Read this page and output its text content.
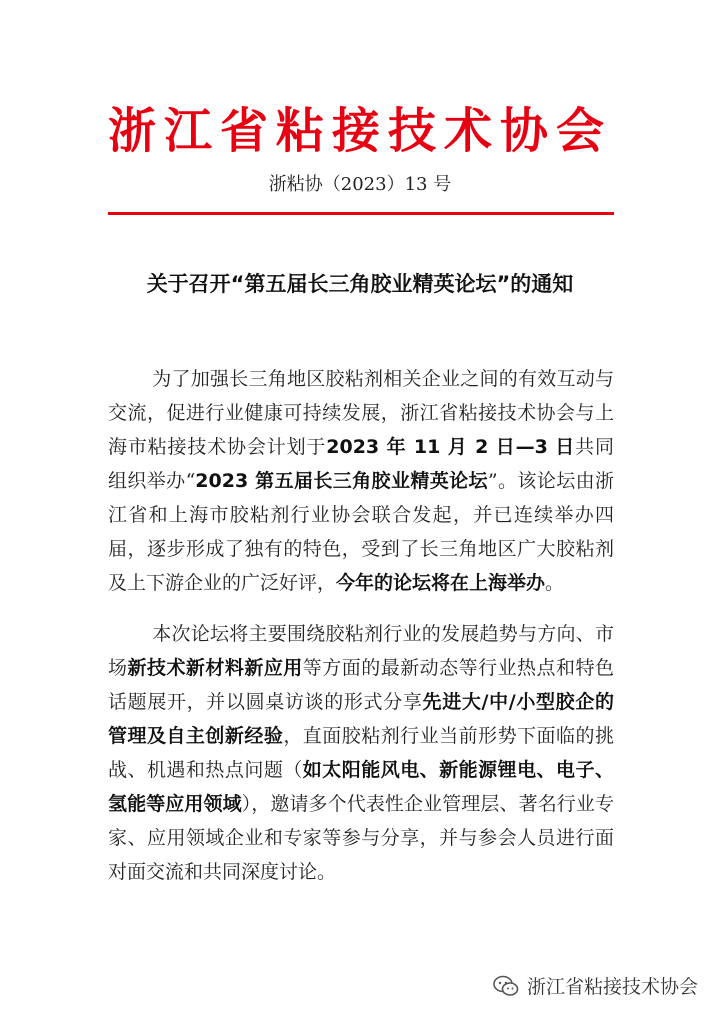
浙江省粘接技术协会
浙粘协（2023）13 号
关于召开“第五届长三角胶业精英论坛”的通知
为了加强长三角地区胶粘剂相关企业之间的有效互动与交流，促进行业健康可持续发展，浙江省粘接技术协会与上海市粘接技术协会计划于2023 年 11 月 2 日—3 日共同组织举办“2023 第五届长三角胶业精英论坛”。该论坛由浙江省和上海市胶粘剂行业协会联合发起，并已连续举办四届，逐步形成了独有的特色，受到了长三角地区广大胶粘剂及上下游企业的广泛好评，今年的论坛将在上海举办。
本次论坛将主要围绕胶粘剂行业的发展趋势与方向、市场新技术新材料新应用等方面的最新动态等行业热点和特色话题展开，并以圆桌访谈的形式分享先进大/中/小型胶企的管理及自主创新经验，直面胶粘剂行业当前形势下面临的挑战、机遇和热点问题（如太阳能风电、新能源锂电、电子、氢能等应用领域），邀请多个代表性企业管理层、著名行业专家、应用领域企业和专家等参与分享，并与参会人员进行面对面交流和共同深度讨论。
浙江省粘接技术协会
